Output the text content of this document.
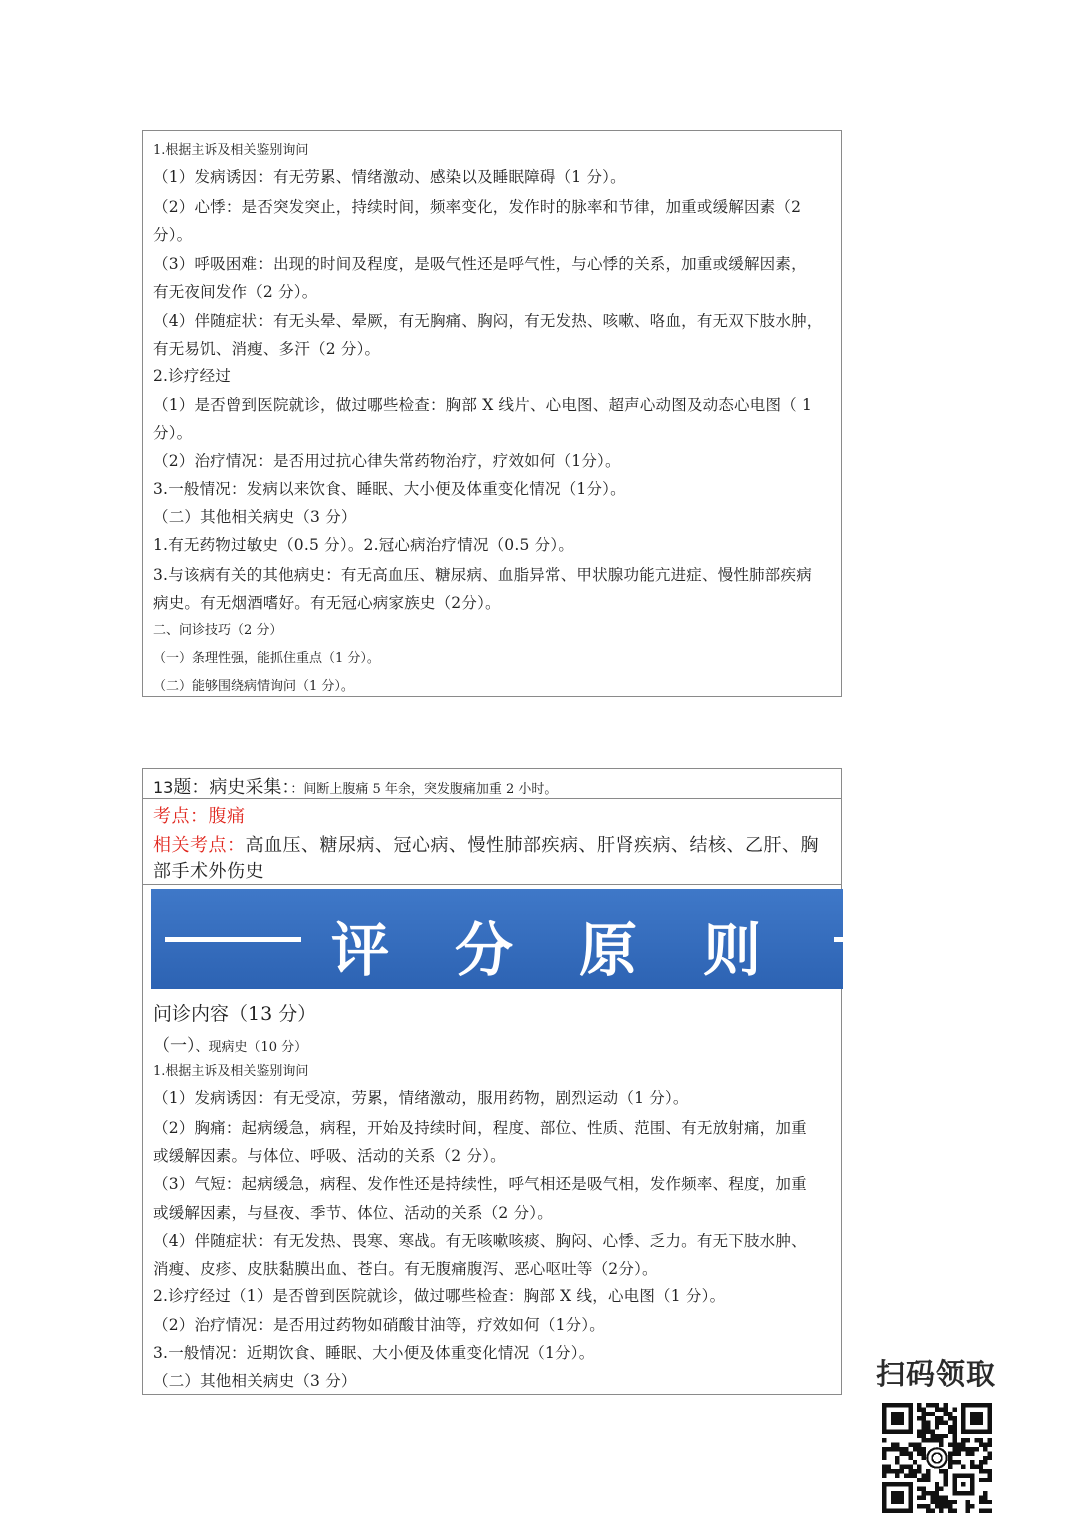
1.根据主诉及相关鉴别询问
（1）发病诱因：有无劳累、情绪激动、感染以及睡眠障碍（1 分）。
（2）心悸：是否突发突止，持续时间，频率变化，发作时的脉率和节律，加重或缓解因素（2
分）。
（3）呼吸困难：出现的时间及程度，是吸气性还是呼气性，与心悸的关系，加重或缓解因素，
有无夜间发作（2 分）。
（4）伴随症状：有无头晕、晕厥，有无胸痛、胸闷，有无发热、咳嗽、咯血，有无双下肢水肿，
有无易饥、消瘦、多汗（2 分）。
2.诊疗经过
（1）是否曾到医院就诊，做过哪些检查：胸部 X 线片、心电图、超声心动图及动态心电图（ 1
分）。
（2）治疗情况：是否用过抗心律失常药物治疗，疗效如何（1分）。
3.一般情况：发病以来饮食、睡眠、大小便及体重变化情况（1分）。
（二）其他相关病史（3 分）
1.有无药物过敏史（0.5 分）。2.冠心病治疗情况（0.5 分）。
3.与该病有关的其他病史：有无高血压、糖尿病、血脂异常、甲状腺功能亢进症、慢性肺部疾病
病史。有无烟酒嗜好。有无冠心病家族史（2分）。
二、问诊技巧（2 分）
（一）条理性强，能抓住重点（1 分）。
（二）能够围绕病情询问（1 分）。
13题：病史采集：：间断上腹痛 5 年余，突发腹痛加重 2 小时。
考点：腹痛
相关考点：高血压、糖尿病、冠心病、慢性肺部疾病、肝肾疾病、结核、乙肝、胸
部手术外伤史
评分原则
问诊内容（13 分）
（一）、现病史（10 分）
1.根据主诉及相关鉴别询问
（1）发病诱因：有无受凉，劳累，情绪激动，服用药物，剧烈运动（1 分）。
（2）胸痛：起病缓急，病程，开始及持续时间，程度、部位、性质、范围、有无放射痛，加重
或缓解因素。与体位、呼吸、活动的关系（2 分）。
（3）气短：起病缓急，病程、发作性还是持续性，呼气相还是吸气相，发作频率、程度，加重
或缓解因素，与昼夜、季节、体位、活动的关系（2 分）。
（4）伴随症状：有无发热、畏寒、寒战。有无咳嗽咳痰、胸闷、心悸、乏力。有无下肢水肿、
消瘦、皮疹、皮肤黏膜出血、苍白。有无腹痛腹泻、恶心呕吐等（2分）。
2.诊疗经过（1）是否曾到医院就诊，做过哪些检查：胸部 X 线，心电图（1 分）。
（2）治疗情况：是否用过药物如硝酸甘油等，疗效如何（1分）。
3.一般情况：近期饮食、睡眠、大小便及体重变化情况（1分）。
（二）其他相关病史（3 分）	扫码领取
